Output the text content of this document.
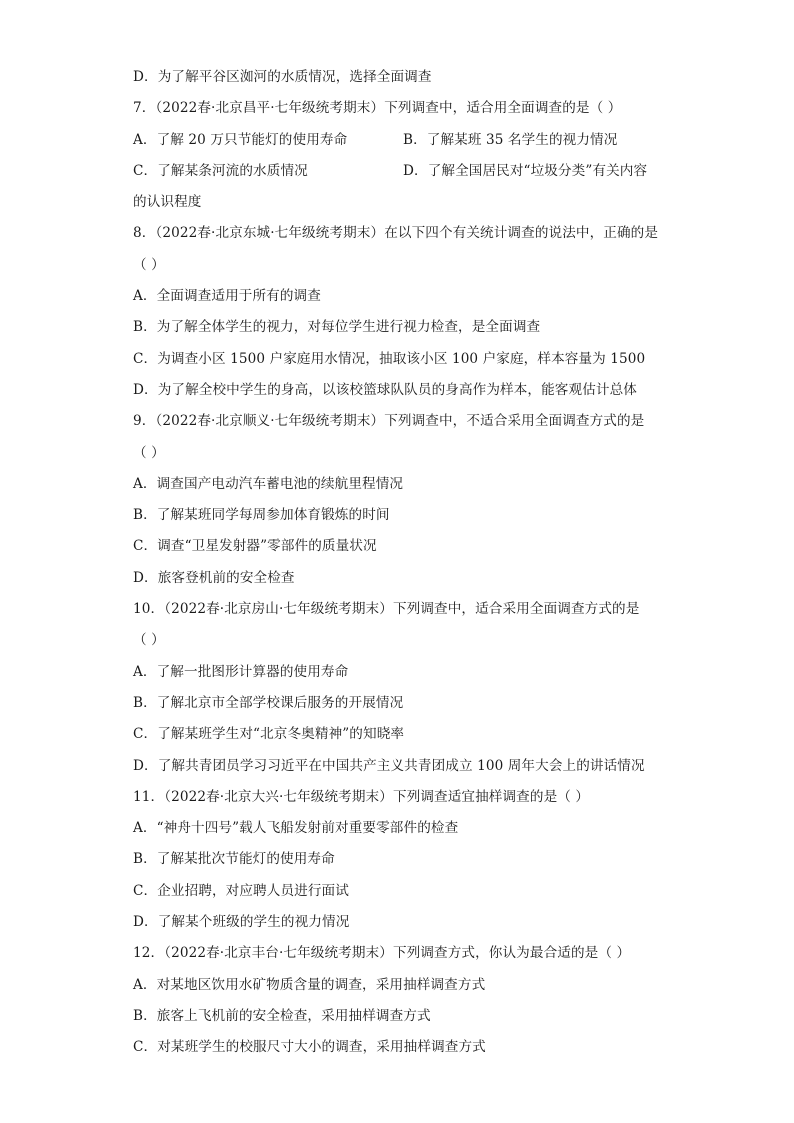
D．为了解平谷区洳河的水质情况，选择全面调查
7．（2022春·北京昌平·七年级统考期末）下列调查中，适合用全面调查的是（ ）
A．了解 20 万只节能灯的使用寿命	B．了解某班 35 名学生的视力情况
C．了解某条河流的水质情况	D．了解全国居民对“垃圾分类”有关内容
的认识程度
8．（2022春·北京东城·七年级统考期末）在以下四个有关统计调查的说法中，正确的是
（ ）
A．全面调查适用于所有的调查
B．为了解全体学生的视力，对每位学生进行视力检查，是全面调查
C．为调查小区 1500 户家庭用水情况，抽取该小区 100 户家庭，样本容量为 1500
D．为了解全校中学生的身高，以该校篮球队队员的身高作为样本，能客观估计总体
9．（2022春·北京顺义·七年级统考期末）下列调查中，不适合采用全面调查方式的是
（ ）
A．调查国产电动汽车蓄电池的续航里程情况
B．了解某班同学每周参加体育锻炼的时间
C．调查“卫星发射器”零部件的质量状况
D．旅客登机前的安全检查
10．（2022春·北京房山·七年级统考期末）下列调查中，适合采用全面调查方式的是
（ ）
A．了解一批图形计算器的使用寿命
B．了解北京市全部学校课后服务的开展情况
C．了解某班学生对“北京冬奥精神”的知晓率
D．了解共青团员学习习近平在中国共产主义共青团成立 100 周年大会上的讲话情况
11．（2022春·北京大兴·七年级统考期末）下列调查适宜抽样调查的是（ ）
A．“神舟十四号”载人飞船发射前对重要零部件的检查
B．了解某批次节能灯的使用寿命
C．企业招聘，对应聘人员进行面试
D．了解某个班级的学生的视力情况
12．（2022春·北京丰台·七年级统考期末）下列调查方式，你认为最合适的是（ ）
A．对某地区饮用水矿物质含量的调查，采用抽样调查方式
B．旅客上飞机前的安全检查，采用抽样调查方式
C．对某班学生的校服尺寸大小的调查，采用抽样调查方式
